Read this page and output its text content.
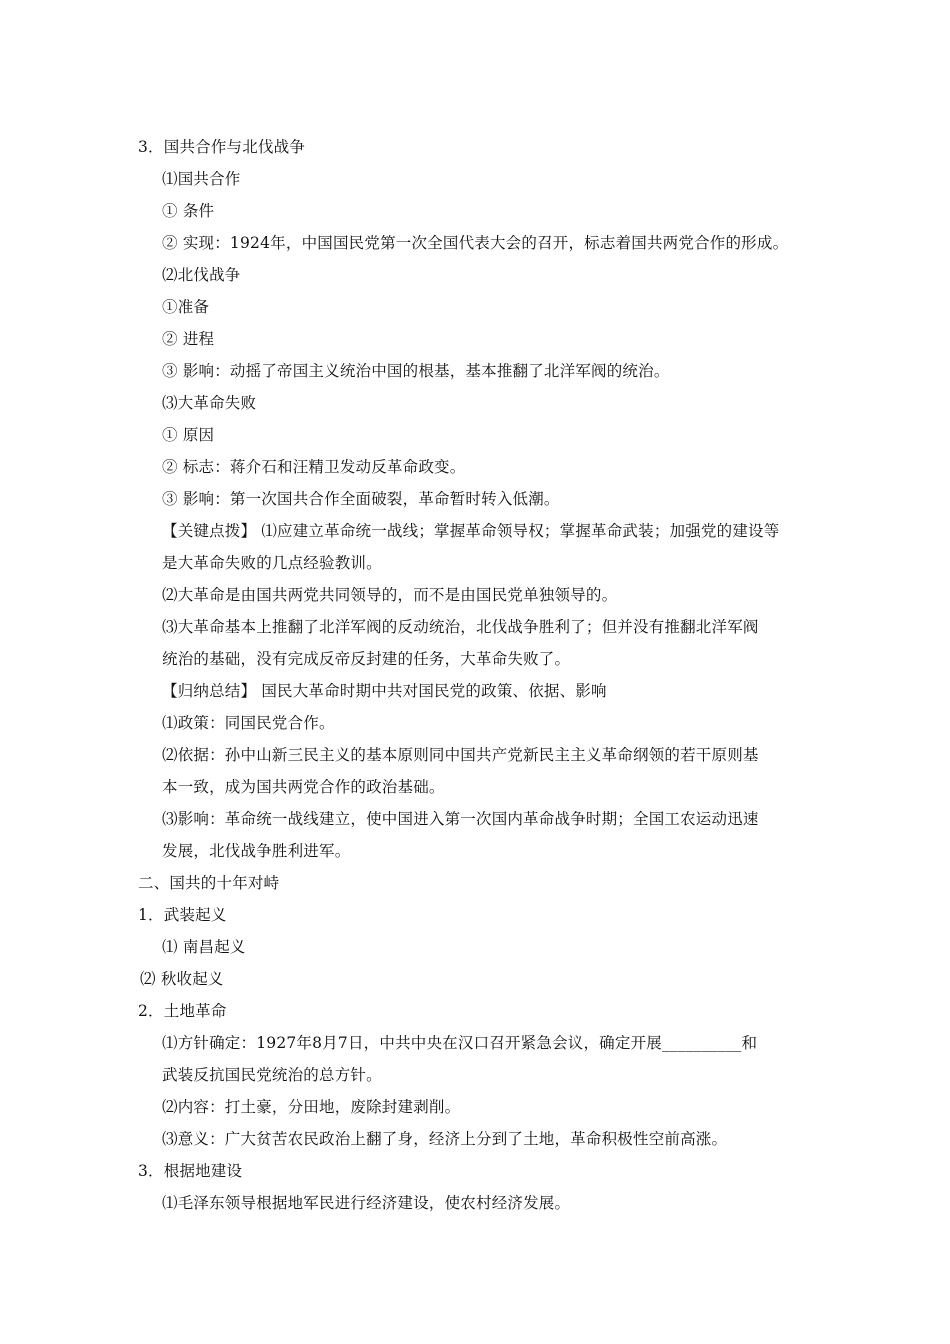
3．国共合作与北伐战争
⑴国共合作
① 条件
② 实现：1924年，中国国民党第一次全国代表大会的召开，标志着国共两党合作的形成。
⑵北伐战争
①准备
② 进程
③ 影响：动摇了帝国主义统治中国的根基，基本推翻了北洋军阀的统治。
⑶大革命失败
① 原因
② 标志：蒋介石和汪精卫发动反革命政变。
③ 影响：第一次国共合作全面破裂，革命暂时转入低潮。
【关键点拨】 ⑴应建立革命统一战线；掌握革命领导权；掌握革命武装；加强党的建设等
是大革命失败的几点经验教训。
⑵大革命是由国共两党共同领导的，而不是由国民党单独领导的。
⑶大革命基本上推翻了北洋军阀的反动统治，北伐战争胜利了；但并没有推翻北洋军阀
统治的基础，没有完成反帝反封建的任务，大革命失败了。
【归纳总结】 国民大革命时期中共对国民党的政策、依据、影响
⑴政策：同国民党合作。
⑵依据：孙中山新三民主义的基本原则同中国共产党新民主主义革命纲领的若干原则基
本一致，成为国共两党合作的政治基础。
⑶影响：革命统一战线建立，使中国进入第一次国内革命战争时期；全国工农运动迅速
发展，北伐战争胜利进军。
二、国共的十年对峙
1．武装起义
⑴ 南昌起义
⑵ 秋收起义
2．土地革命
⑴方针确定：1927年8月7日，中共中央在汉口召开紧急会议，确定开展__________和
武装反抗国民党统治的总方针。
⑵内容：打土豪，分田地，废除封建剥削。
⑶意义：广大贫苦农民政治上翻了身，经济上分到了土地，革命积极性空前高涨。
3．根据地建设
⑴毛泽东领导根据地军民进行经济建设，使农村经济发展。
